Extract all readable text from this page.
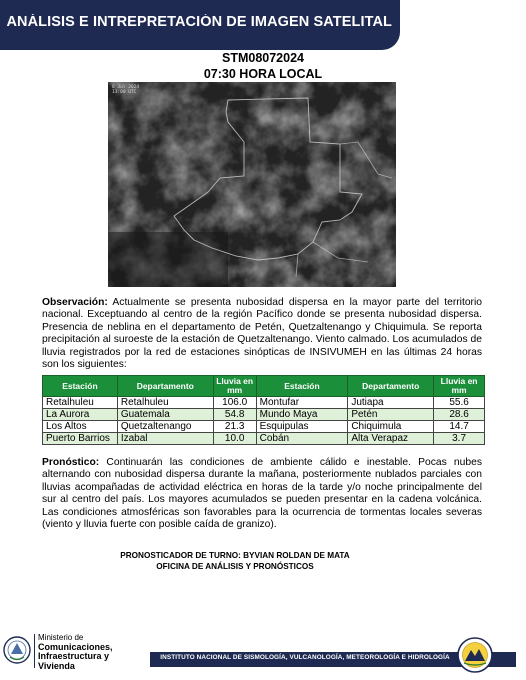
ANÁLISIS E INTREPRETACIÓN DE IMAGEN SATELITAL
STM08072024
07:30 HORA LOCAL
8 Jul 2024
13:00 UTC
Observación: Actualmente se presenta nubosidad dispersa en la mayor parte del territorio nacional. Exceptuando al centro de la región Pacífico donde se presenta nubosidad dispersa. Presencia de neblina en el departamento de Petén, Quetzaltenango y Chiquimula. Se reporta precipitación al suroeste de la estación de Quetzaltenango. Viento calmado. Los acumulados de lluvia registrados por la red de estaciones sinópticas de INSIVUMEH en las últimas 24 horas son los siguientes:
Estación	Departamento	Lluvia en mm	Estación	Departamento	Lluvia en mm
Retalhuleu	Retalhuleu	106.0	Montufar	Jutiapa	55.6
La Aurora	Guatemala	54.8	Mundo Maya	Petén	28.6
Los Altos	Quetzaltenango	21.3	Esquipulas	Chiquimula	14.7
Puerto Barrios	Izabal	10.0	Cobán	Alta Verapaz	3.7
Pronóstico: Continuarán las condiciones de ambiente cálido e inestable. Pocas nubes alternando con nubosidad dispersa durante la mañana, posteriormente nublados parciales con lluvias acompañadas de actividad eléctrica en horas de la tarde y/o noche principalmente del sur al centro del país. Los mayores acumulados se pueden presentar en la cadena volcánica. Las condiciones atmosféricas son favorables para la ocurrencia de tormentas locales severas (viento y lluvia fuerte con posible caída de granizo).
PRONOSTICADOR DE TURNO: BYVIAN ROLDAN DE MATA
OFICINA DE ANÁLISIS Y PRONÓSTICOS
Ministerio de
Comunicaciones,
Infraestructura y
Vivienda
INSTITUTO NACIONAL DE SISMOLOGÍA, VULCANOLOGÍA, METEOROLOGÍA E HIDROLOGÍA
